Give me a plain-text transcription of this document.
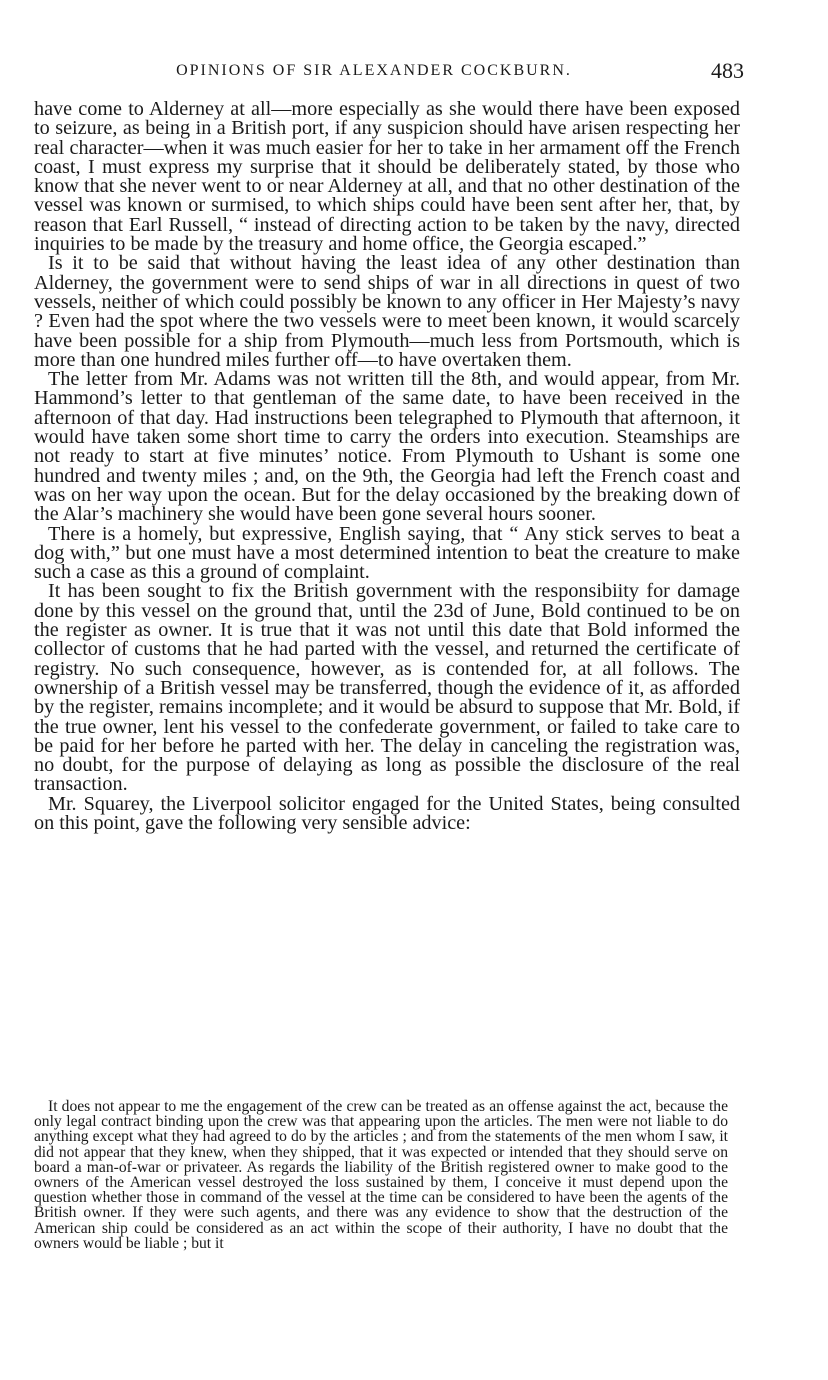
OPINIONS OF SIR ALEXANDER COCKBURN.	483

have come to Alderney at all—more especially as she would there have been exposed to seizure, as being in a British port, if any suspicion should have arisen respecting her real character—when it was much easier for her to take in her armament off the French coast, I must express my surprise that it should be deliberately stated, by those who know that she never went to or near Alderney at all, and that no other destination of the vessel was known or surmised, to which ships could have been sent after her, that, by reason that Earl Russell, “ instead of directing action to be taken by the navy, directed inquiries to be made by the treasury and home office, the Georgia escaped.”

Is it to be said that without having the least idea of any other destination than Alderney, the government were to send ships of war in all directions in quest of two vessels, neither of which could possibly be known to any officer in Her Majesty’s navy ? Even had the spot where the two vessels were to meet been known, it would scarcely have been possible for a ship from Plymouth—much less from Portsmouth, which is more than one hundred miles further off—to have overtaken them.

The letter from Mr. Adams was not written till the 8th, and would appear, from Mr. Hammond’s letter to that gentleman of the same date, to have been received in the afternoon of that day. Had instructions been telegraphed to Plymouth that afternoon, it would have taken some short time to carry the orders into execution. Steamships are not ready to start at five minutes’ notice. From Plymouth to Ushant is some one hundred and twenty miles ; and, on the 9th, the Georgia had left the French coast and was on her way upon the ocean. But for the delay occasioned by the breaking down of the Alar’s machinery she would have been gone several hours sooner.

There is a homely, but expressive, English saying, that “ Any stick serves to beat a dog with,” but one must have a most determined intention to beat the creature to make such a case as this a ground of complaint.

It has been sought to fix the British government with the responsibiity for damage done by this vessel on the ground that, until the 23d of June, Bold continued to be on the register as owner. It is true that it was not until this date that Bold informed the collector of customs that he had parted with the vessel, and returned the certificate of registry. No such consequence, however, as is contended for, at all follows. The ownership of a British vessel may be transferred, though the evidence of it, as afforded by the register, remains incomplete; and it would be absurd to suppose that Mr. Bold, if the true owner, lent his vessel to the confederate government, or failed to take care to be paid for her before he parted with her. The delay in canceling the registration was, no doubt, for the purpose of delaying as long as possible the disclosure of the real transaction.

Mr. Squarey, the Liverpool solicitor engaged for the United States, being consulted on this point, gave the following very sensible advice:

It does not appear to me the engagement of the crew can be treated as an offense against the act, because the only legal contract binding upon the crew was that appearing upon the articles. The men were not liable to do anything except what they had agreed to do by the articles ; and from the statements of the men whom I saw, it did not appear that they knew, when they shipped, that it was expected or intended that they should serve on board a man-of-war or privateer. As regards the liability of the British registered owner to make good to the owners of the American vessel destroyed the loss sustained by them, I conceive it must depend upon the question whether those in command of the vessel at the time can be considered to have been the agents of the British owner. If they were such agents, and there was any evidence to show that the destruction of the American ship could be considered as an act within the scope of their authority, I have no doubt that the owners would be liable ; but it
